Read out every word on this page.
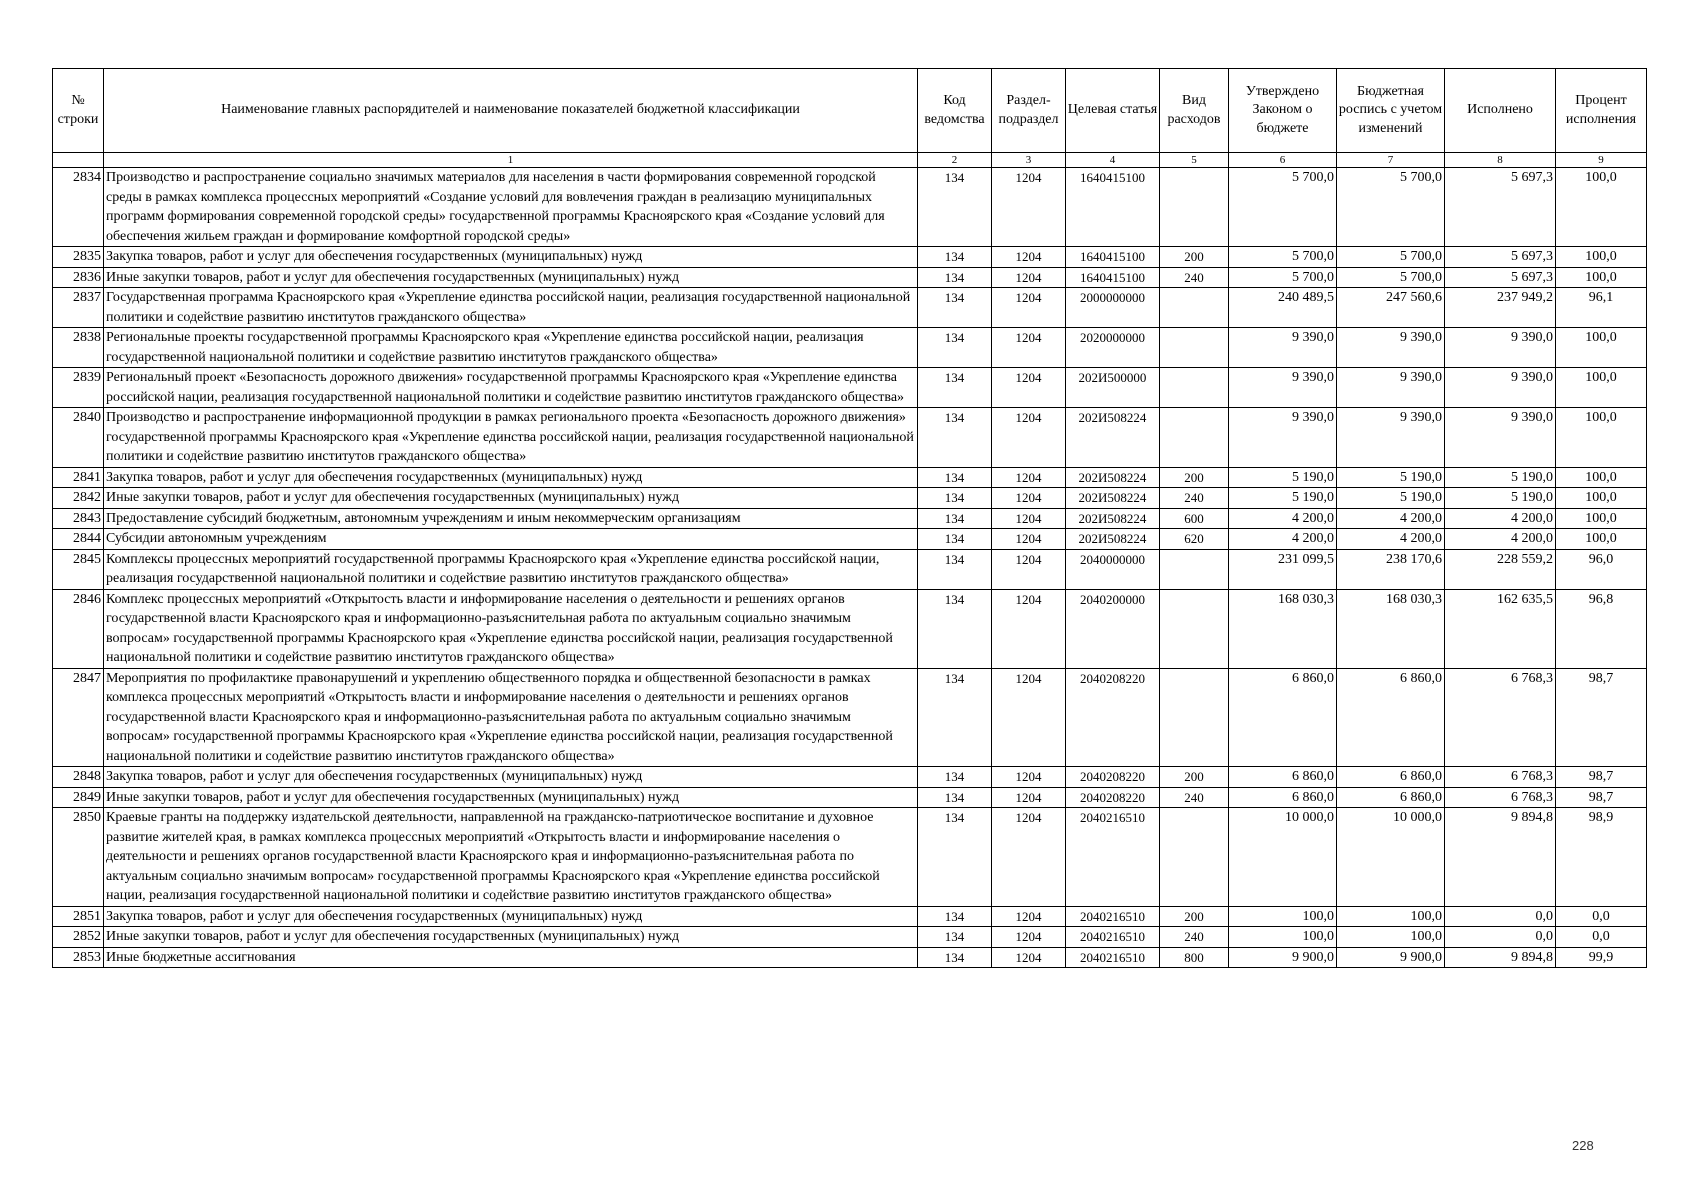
№ строки	Наименование главных распорядителей и наименование показателей бюджетной классификации	Код ведомства	Раздел-подраздел	Целевая статья	Вид расходов	Утверждено Законом о бюджете	Бюджетная роспись с учетом изменений	Исполнено	Процент исполнения
	1	2	3	4	5	6	7	8	9
2834	Производство и распространение социально значимых материалов для населения в части формирования современной городской среды в рамках комплекса процессных мероприятий «Создание условий для вовлечения граждан в реализацию муниципальных программ формирования современной городской среды» государственной программы Красноярского края «Создание условий для обеспечения жильем граждан и формирование комфортной городской среды»	134	1204	1640415100		5 700,0	5 700,0	5 697,3	100,0
2835	Закупка товаров, работ и услуг для обеспечения государственных (муниципальных) нужд	134	1204	1640415100	200	5 700,0	5 700,0	5 697,3	100,0
2836	Иные закупки товаров, работ и услуг для обеспечения государственных (муниципальных) нужд	134	1204	1640415100	240	5 700,0	5 700,0	5 697,3	100,0
2837	Государственная программа Красноярского края «Укрепление единства российской нации, реализация государственной национальной политики и содействие развитию институтов гражданского общества»	134	1204	2000000000		240 489,5	247 560,6	237 949,2	96,1
2838	Региональные проекты государственной программы Красноярского края «Укрепление единства российской нации, реализация государственной национальной политики и содействие развитию институтов гражданского общества»	134	1204	2020000000		9 390,0	9 390,0	9 390,0	100,0
2839	Региональный проект «Безопасность дорожного движения» государственной программы Красноярского края «Укрепление единства российской нации, реализация государственной национальной политики и содействие развитию институтов гражданского общества»	134	1204	202И500000		9 390,0	9 390,0	9 390,0	100,0
2840	Производство и распространение информационной продукции в рамках регионального проекта «Безопасность дорожного движения» государственной программы Красноярского края «Укрепление единства российской нации, реализация государственной национальной политики и содействие развитию институтов гражданского общества»	134	1204	202И508224		9 390,0	9 390,0	9 390,0	100,0
2841	Закупка товаров, работ и услуг для обеспечения государственных (муниципальных) нужд	134	1204	202И508224	200	5 190,0	5 190,0	5 190,0	100,0
2842	Иные закупки товаров, работ и услуг для обеспечения государственных (муниципальных) нужд	134	1204	202И508224	240	5 190,0	5 190,0	5 190,0	100,0
2843	Предоставление субсидий бюджетным, автономным учреждениям и иным некоммерческим организациям	134	1204	202И508224	600	4 200,0	4 200,0	4 200,0	100,0
2844	Субсидии автономным учреждениям	134	1204	202И508224	620	4 200,0	4 200,0	4 200,0	100,0
2845	Комплексы процессных мероприятий государственной программы Красноярского края «Укрепление единства российской нации, реализация государственной национальной политики и содействие развитию институтов гражданского общества»	134	1204	2040000000		231 099,5	238 170,6	228 559,2	96,0
2846	Комплекс процессных мероприятий «Открытость власти и информирование населения о деятельности и решениях органов государственной власти Красноярского края и информационно-разъяснительная работа по актуальным социально значимым вопросам» государственной программы Красноярского края «Укрепление единства российской нации, реализация государственной национальной политики и содействие развитию институтов гражданского общества»	134	1204	2040200000		168 030,3	168 030,3	162 635,5	96,8
2847	Мероприятия по профилактике правонарушений и укреплению общественного порядка и общественной безопасности в рамках комплекса процессных мероприятий «Открытость власти и информирование населения о деятельности и решениях органов государственной власти Красноярского края и информационно-разъяснительная работа по актуальным социально значимым вопросам» государственной программы Красноярского края «Укрепление единства российской нации, реализация государственной национальной политики и содействие развитию институтов гражданского общества»	134	1204	2040208220		6 860,0	6 860,0	6 768,3	98,7
2848	Закупка товаров, работ и услуг для обеспечения государственных (муниципальных) нужд	134	1204	2040208220	200	6 860,0	6 860,0	6 768,3	98,7
2849	Иные закупки товаров, работ и услуг для обеспечения государственных (муниципальных) нужд	134	1204	2040208220	240	6 860,0	6 860,0	6 768,3	98,7
2850	Краевые гранты на поддержку издательской деятельности, направленной на гражданско-патриотическое воспитание и духовное развитие жителей края, в рамках комплекса процессных мероприятий «Открытость власти и информирование населения о деятельности и решениях органов государственной власти Красноярского края и информационно-разъяснительная работа по актуальным социально значимым вопросам» государственной программы Красноярского края «Укрепление единства российской нации, реализация государственной национальной политики и содействие развитию институтов гражданского общества»	134	1204	2040216510		10 000,0	10 000,0	9 894,8	98,9
2851	Закупка товаров, работ и услуг для обеспечения государственных (муниципальных) нужд	134	1204	2040216510	200	100,0	100,0	0,0	0,0
2852	Иные закупки товаров, работ и услуг для обеспечения государственных (муниципальных) нужд	134	1204	2040216510	240	100,0	100,0	0,0	0,0
2853	Иные бюджетные ассигнования	134	1204	2040216510	800	9 900,0	9 900,0	9 894,8	99,9
228
